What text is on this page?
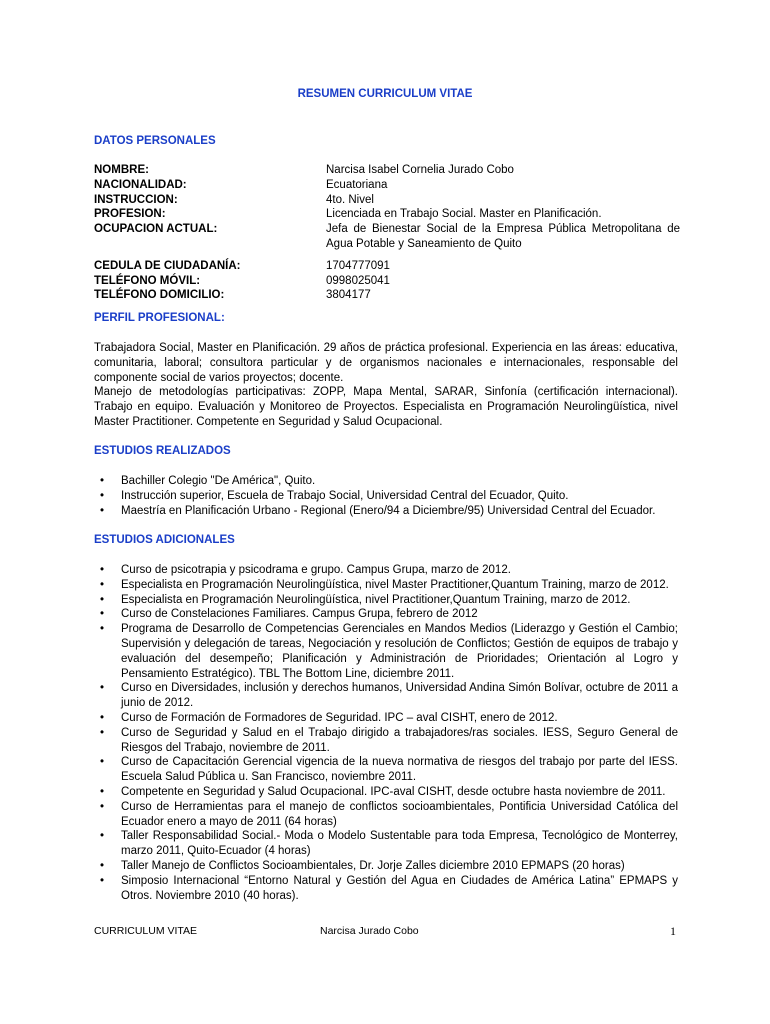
RESUMEN CURRICULUM VITAE
DATOS PERSONALES
NOMBRE:	Narcisa Isabel Cornelia Jurado Cobo
NACIONALIDAD:	Ecuatoriana
INSTRUCCION:	4to. Nivel
PROFESION:	Licenciada en Trabajo Social. Master en Planificación.
OCUPACION ACTUAL:	Jefa de Bienestar Social de la Empresa Pública Metropolitana de Agua Potable y Saneamiento de Quito
CEDULA DE CIUDADANÍA:	1704777091
TELÉFONO MÓVIL:	0998025041
TELÉFONO DOMICILIO:	3804177
PERFIL PROFESIONAL:

Trabajadora Social, Master en Planificación. 29 años de práctica profesional. Experiencia en las áreas: educativa, comunitaria, laboral; consultora particular y de organismos nacionales e internacionales, responsable del componente social de varios proyectos; docente.
Manejo de metodologías participativas: ZOPP, Mapa Mental, SARAR, Sinfonía (certificación internacional). Trabajo en equipo. Evaluación y Monitoreo de Proyectos. Especialista en Programación Neurolingüística, nivel Master Practitioner. Competente en Seguridad y Salud Ocupacional.

ESTUDIOS REALIZADOS
• Bachiller Colegio "De América", Quito.
• Instrucción superior, Escuela de Trabajo Social, Universidad Central del Ecuador, Quito.
• Maestría en Planificación Urbano - Regional (Enero/94 a Diciembre/95) Universidad Central del Ecuador.
ESTUDIOS ADICIONALES
• Curso de psicotrapia y psicodrama e grupo. Campus Grupa, marzo de 2012.
• Especialista en Programación Neurolingüística, nivel Master Practitioner,Quantum Training, marzo de 2012.
• Especialista en Programación Neurolingüística, nivel Practitioner,Quantum Training, marzo de 2012.
• Curso de Constelaciones Familiares. Campus Grupa, febrero de 2012
• Programa de Desarrollo de Competencias Gerenciales en Mandos Medios (Liderazgo y Gestión el Cambio; Supervisión y delegación de tareas, Negociación y resolución de Conflictos; Gestión de equipos de trabajo y evaluación del desempeño; Planificación y Administración de Prioridades; Orientación al Logro y Pensamiento Estratégico). TBL The Bottom Line, diciembre 2011.
• Curso en Diversidades, inclusión y derechos humanos, Universidad Andina Simón Bolívar, octubre de 2011 a junio de 2012.
• Curso de Formación de Formadores de Seguridad. IPC – aval CISHT, enero de 2012.
• Curso de Seguridad y Salud en el Trabajo dirigido a trabajadores/ras sociales. IESS, Seguro General de Riesgos del Trabajo, noviembre de 2011.
• Curso de Capacitación Gerencial vigencia de la nueva normativa de riesgos del trabajo por parte del IESS. Escuela Salud Pública u. San Francisco, noviembre 2011.
• Competente en Seguridad y Salud Ocupacional. IPC-aval CISHT, desde octubre hasta noviembre de 2011.
• Curso de Herramientas para el manejo de conflictos socioambientales, Pontificia Universidad Católica del Ecuador enero a mayo de 2011 (64 horas)
• Taller Responsabilidad Social.- Moda o Modelo Sustentable para toda Empresa, Tecnológico de Monterrey, marzo 2011, Quito-Ecuador (4 horas)
• Taller Manejo de Conflictos Socioambientales, Dr. Jorje Zalles diciembre 2010 EPMAPS (20 horas)
• Simposio Internacional “Entorno Natural y Gestión del Agua en Ciudades de América Latina” EPMAPS y Otros. Noviembre 2010 (40 horas).
CURRICULUM VITAE	Narcisa Jurado Cobo	1
